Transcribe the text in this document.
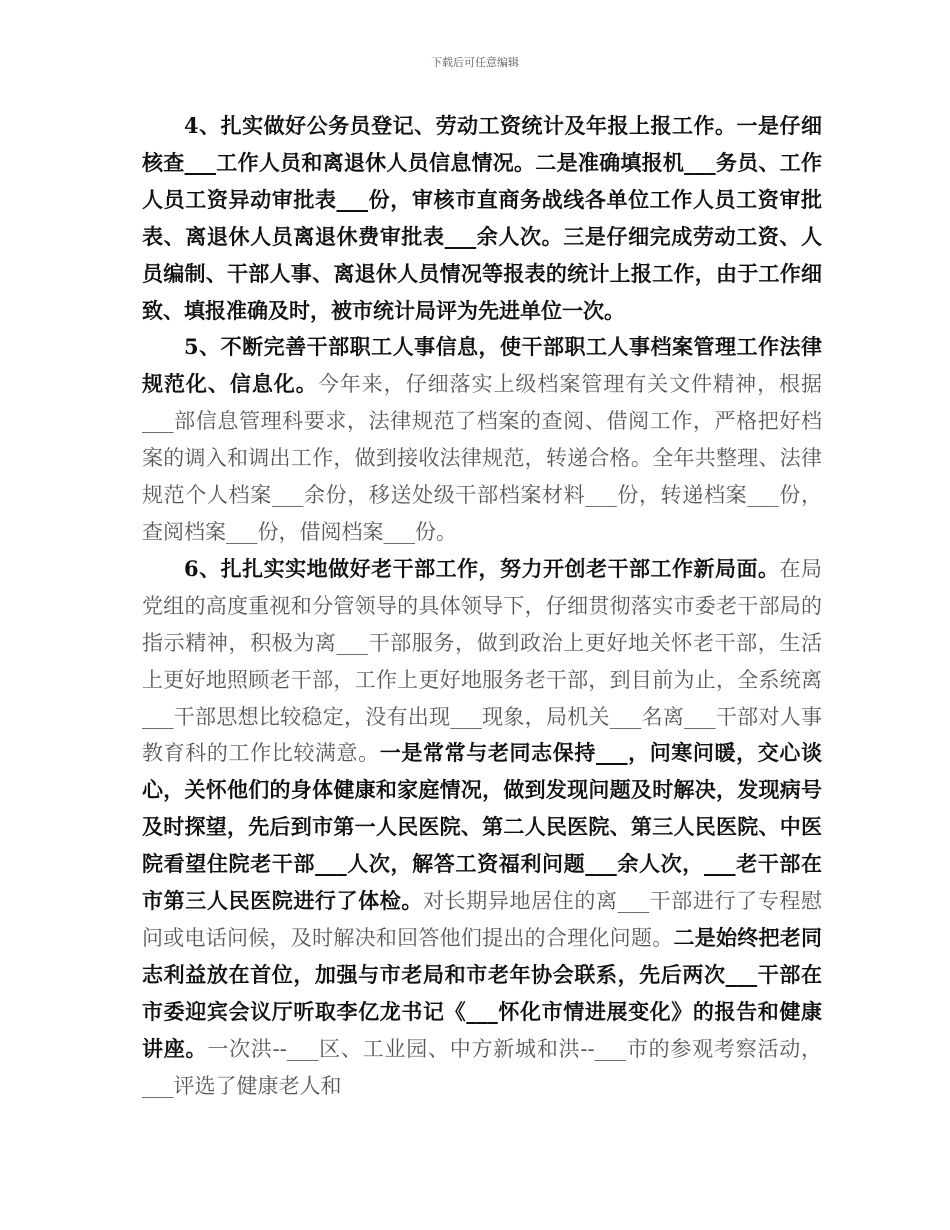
下载后可任意编辑

4、扎实做好公务员登记、劳动工资统计及年报上报工作。一是仔细核查___工作人员和离退休人员信息情况。二是准确填报机___务员、工作人员工资异动审批表___份，审核市直商务战线各单位工作人员工资审批表、离退休人员离退休费审批表___余人次。三是仔细完成劳动工资、人员编制、干部人事、离退休人员情况等报表的统计上报工作，由于工作细致、填报准确及时，被市统计局评为先进单位一次。

5、不断完善干部职工人事信息，使干部职工人事档案管理工作法律规范化、信息化。今年来，仔细落实上级档案管理有关文件精神，根据___部信息管理科要求，法律规范了档案的查阅、借阅工作，严格把好档案的调入和调出工作，做到接收法律规范，转递合格。全年共整理、法律规范个人档案___余份，移送处级干部档案材料___份，转递档案___份，查阅档案___份，借阅档案___份。

6、扎扎实实地做好老干部工作，努力开创老干部工作新局面。在局党组的高度重视和分管领导的具体领导下，仔细贯彻落实市委老干部局的指示精神，积极为离___干部服务，做到政治上更好地关怀老干部，生活上更好地照顾老干部，工作上更好地服务老干部，到目前为止，全系统离___干部思想比较稳定，没有出现___现象，局机关___名离___干部对人事教育科的工作比较满意。一是常常与老同志保持___，问寒问暖，交心谈心，关怀他们的身体健康和家庭情况，做到发现问题及时解决，发现病号及时探望，先后到市第一人民医院、第二人民医院、第三人民医院、中医院看望住院老干部___人次，解答工资福利问题___余人次，___老干部在市第三人民医院进行了体检。对长期异地居住的离___干部进行了专程慰问或电话问候，及时解决和回答他们提出的合理化问题。二是始终把老同志利益放在首位，加强与市老局和市老年协会联系，先后两次___干部在市委迎宾会议厅听取李亿龙书记《___怀化市情进展变化》的报告和健康讲座。一次洪--___区、工业园、中方新城和洪--___市的参观考察活动，___评选了健康老人和
